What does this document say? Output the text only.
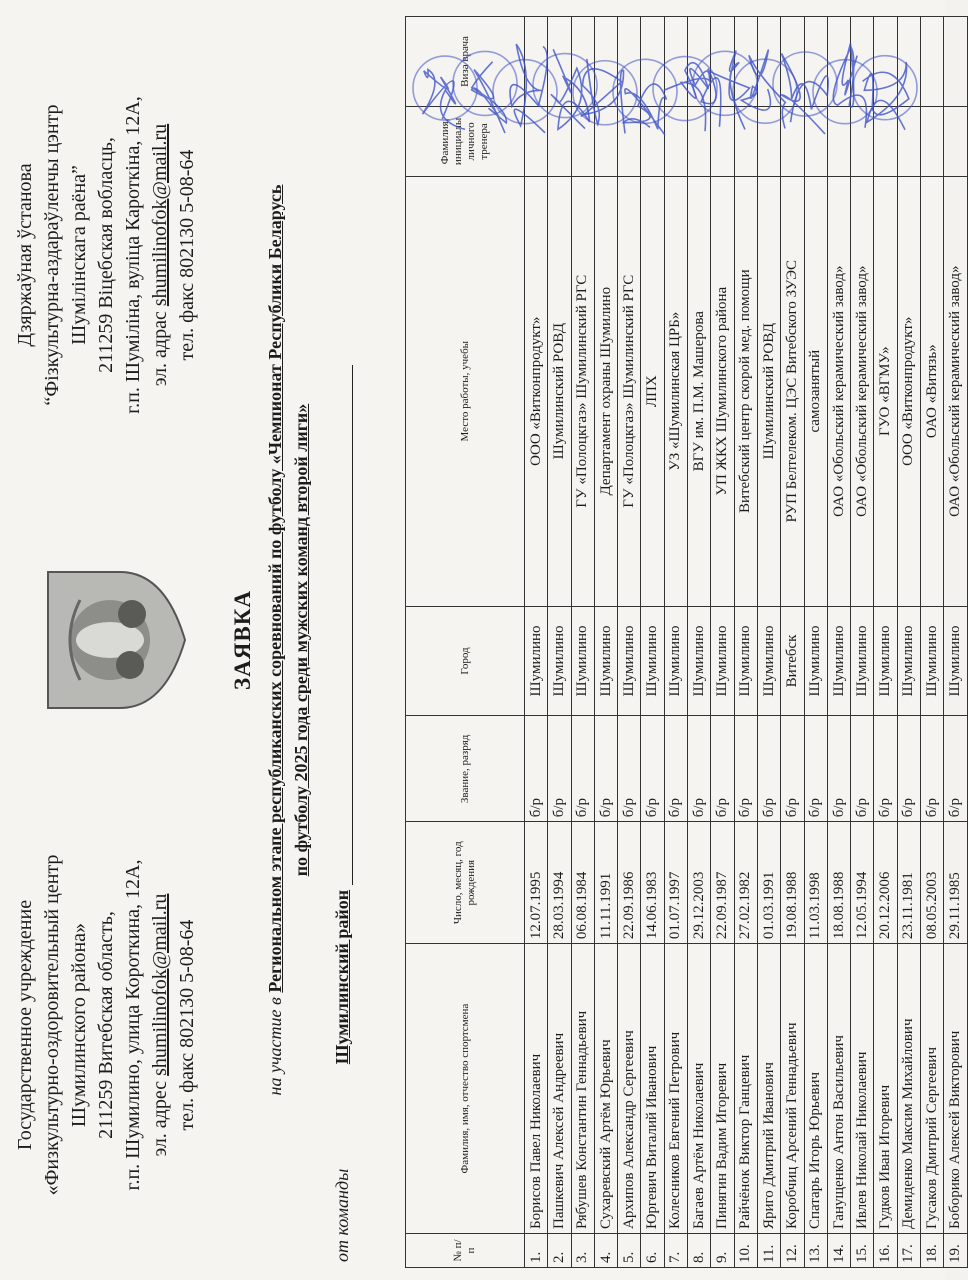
Государственное учреждение «Физкультурно-оздоровительный центр Шумилинского района» 211259 Витебская область, г.п. Шумилино, улица Короткина, 12А, эл. адрес shumilinofok@mail.ru тел. факс 802130 5-08-64
Дзяржаўная ўстанова “Фізкультурна-аздараўленчы цэнтр Шумілінскага раёна” 211259 Віцебская вобласць, г.п. Шуміліна, вуліца Кароткіна, 12А, эл. адрас shumilinofok@mail.ru тел. факс 802130 5-08-64
ЗАЯВКА
на участие в Региональном этапе республиканских соревнований по футболу «Чемпионат Республики Беларусь по футболу 2025 года среди мужских команд второй лиги»
от команды Шумилинский район
№ п/п	Фамилия, имя, отчество спортсмена	Число, месяц, год рождения	Звание, разряд	Город	Место работы, учебы	Фамилия, инициалы личного тренера	Виза врача
1.	Борисов Павел Николаевич	12.07.1995	б/р	Шумилино	ООО «Витконпродукт»		
2.	Пашкевич Алексей Андреевич	28.03.1994	б/р	Шумилино	Шумилинский РОВД		
3.	Рябушев Константин Геннадьевич	06.08.1984	б/р	Шумилино	ГУ «Полоцкгаз» Шумилинский РГС		
4.	Сухаревский Артём Юрьевич	11.11.1991	б/р	Шумилино	Департамент охраны Шумилино		
5.	Архипов Александр Сергеевич	22.09.1986	б/р	Шумилино	ГУ «Полоцкгаз» Шумилинский РГС		
6.	Юргевич Виталий Иванович	14.06.1983	б/р	Шумилино	ЛПХ		
7.	Колесников Евгений Петрович	01.07.1997	б/р	Шумилино	УЗ «Шумилинская ЦРБ»		
8.	Багаев Артём Николаевич	29.12.2003	б/р	Шумилино	ВГУ им. П.М. Машерова		
9.	Пинягин Вадим Игоревич	22.09.1987	б/р	Шумилино	УП ЖКХ Шумилинского района		
10.	Райчёнок Виктор Ганцевич	27.02.1982	б/р	Шумилино	Витебский центр скорой мед. помощи		
11.	Яриго Дмитрий Иванович	01.03.1991	б/р	Шумилино	Шумилинский РОВД		
12.	Коробчиц Арсений Геннадьевич	19.08.1988	б/р	Витебск	РУП Белтелеком. ЦЭС Витебского ЗУЭС		
13.	Спатарь Игорь Юрьевич	11.03.1998	б/р	Шумилино	самозанятый		
14.	Ганущенко Антон Васильевич	18.08.1988	б/р	Шумилино	ОАО «Обольский керамический завод»		
15.	Ивлев Николай Николаевич	12.05.1994	б/р	Шумилино	ОАО «Обольский керамический завод»		
16.	Гудков Иван Игоревич	20.12.2006	б/р	Шумилино	ГУО «ВГМУ»		
17.	Демиденко Максим Михайлович	23.11.1981	б/р	Шумилино	ООО «Витконпродукт»		
18.	Гусаков Дмитрий Сергеевич	08.05.2003	б/р	Шумилино	ОАО «Витязь»		
19.	Боборико Алексей Викторович	29.11.1985	б/р	Шумилино	ОАО «Обольский керамический завод»		
